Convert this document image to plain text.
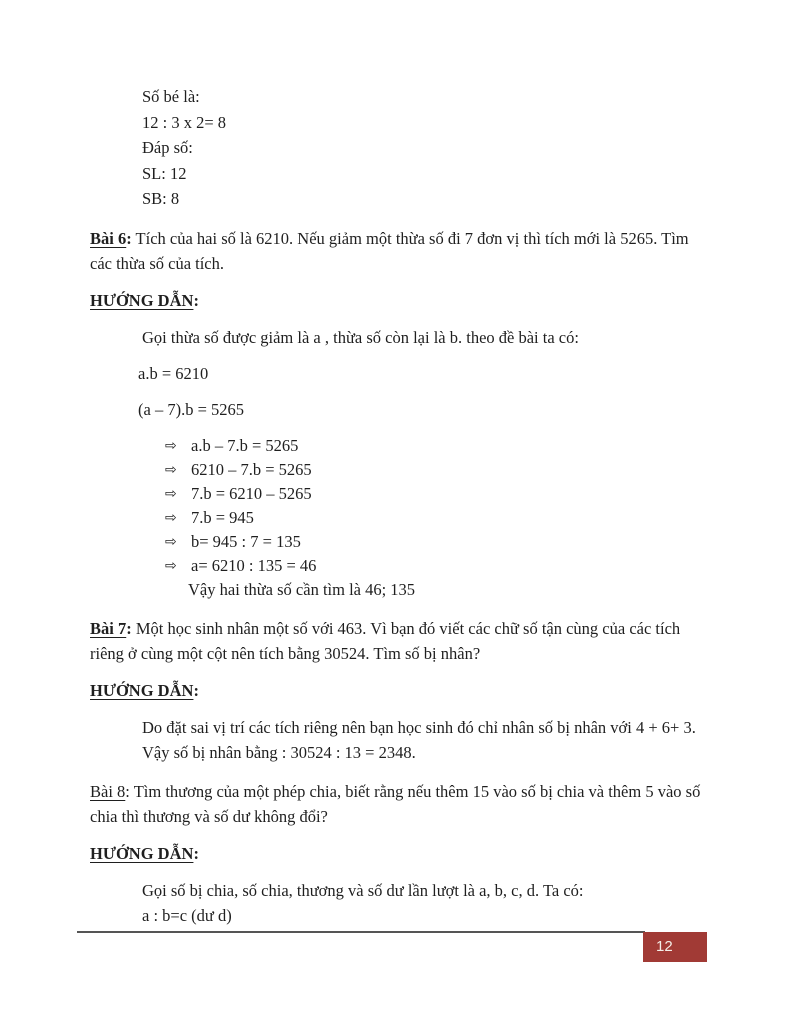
Số bé là:

12 : 3 x 2= 8

Đáp số:

SL: 12

SB: 8

Bài 6: Tích của hai số là 6210. Nếu giảm một thừa số đi 7 đơn vị thì tích mới là 5265. Tìm các thừa số của tích.

HƯỚNG DẪN:

Gọi thừa số được giảm là a , thừa số còn lại là b. theo đề bài ta có:

a.b = 6210

(a – 7).b = 5265

⇨ a.b – 7.b = 5265
⇨ 6210 – 7.b = 5265
⇨ 7.b = 6210 – 5265
⇨ 7.b = 945
⇨ b= 945 : 7 = 135
⇨ a= 6210 : 135 = 46

Vậy hai thừa số cần tìm là 46; 135

Bài 7: Một học sinh nhân một số với 463. Vì bạn đó viết các chữ số tận cùng của các tích riêng ở cùng một cột nên tích bằng 30524. Tìm số bị nhân?

HƯỚNG DẪN:

Do đặt sai vị trí các tích riêng nên bạn học sinh đó chỉ nhân số bị nhân với 4 + 6+ 3. Vậy số bị nhân bằng : 30524 : 13 = 2348.

Bài 8: Tìm thương của một phép chia, biết rằng nếu thêm 15 vào số bị chia và thêm 5 vào số chia thì thương và số dư không đổi?

HƯỚNG DẪN:

Gọi số bị chia, số chia, thương và số dư lần lượt là a, b, c, d. Ta có:

a : b=c (dư d)

12
